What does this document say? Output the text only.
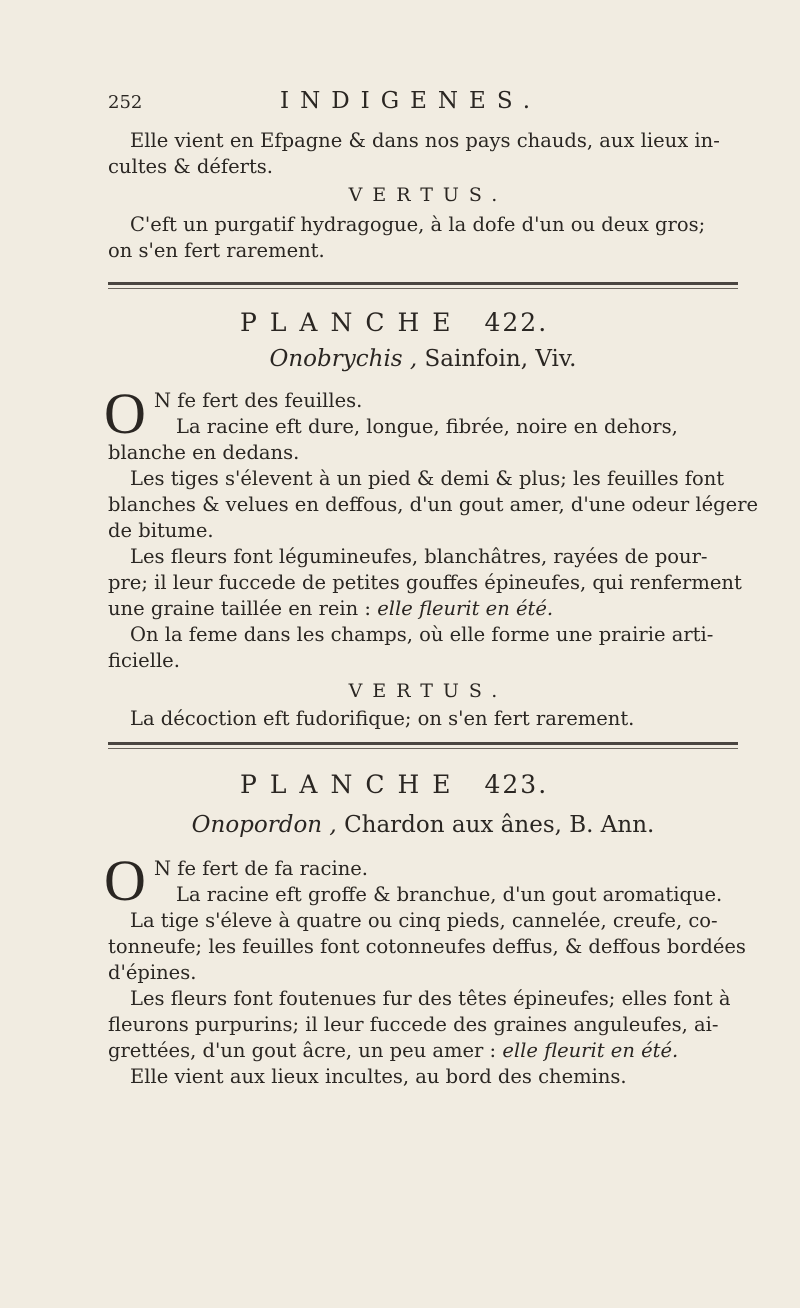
252	INDIGENES.
Elle vient en Efpagne & dans nos pays chauds, aux lieux in-
cultes & déferts.
VERTUS.
C'eft un purgatif hydragogue, à la dofe d'un ou deux gros;
on s'en fert rarement.
PLANCHE 422.
Onobrychis , Sainfoin, Viv.
O N fe fert des feuilles.
La racine eft dure, longue, fibrée, noire en dehors,
blanche en dedans.
Les tiges s'élevent à un pied & demi & plus; les feuilles font
blanches & velues en deffous, d'un gout amer, d'une odeur légere
de bitume.
Les fleurs font légumineufes, blanchâtres, rayées de pour-
pre; il leur fuccede de petites gouffes épineufes, qui renferment
une graine taillée en rein : elle fleurit en été.
On la feme dans les champs, où elle forme une prairie arti-
ficielle.
VERTUS.
La décoction eft fudorifique; on s'en fert rarement.
PLANCHE 423.
Onopordon , Chardon aux ânes, B. Ann.
O N fe fert de fa racine.
La racine eft groffe & branchue, d'un gout aromatique.
La tige s'éleve à quatre ou cinq pieds, cannelée, creufe, co-
tonneufe; les feuilles font cotonneufes deffus, & deffous bordées
d'épines.
Les fleurs font foutenues fur des têtes épineufes; elles font à
fleurons purpurins; il leur fuccede des graines anguleufes, ai-
grettées, d'un gout âcre, un peu amer : elle fleurit en été.
Elle vient aux lieux incultes, au bord des chemins.
